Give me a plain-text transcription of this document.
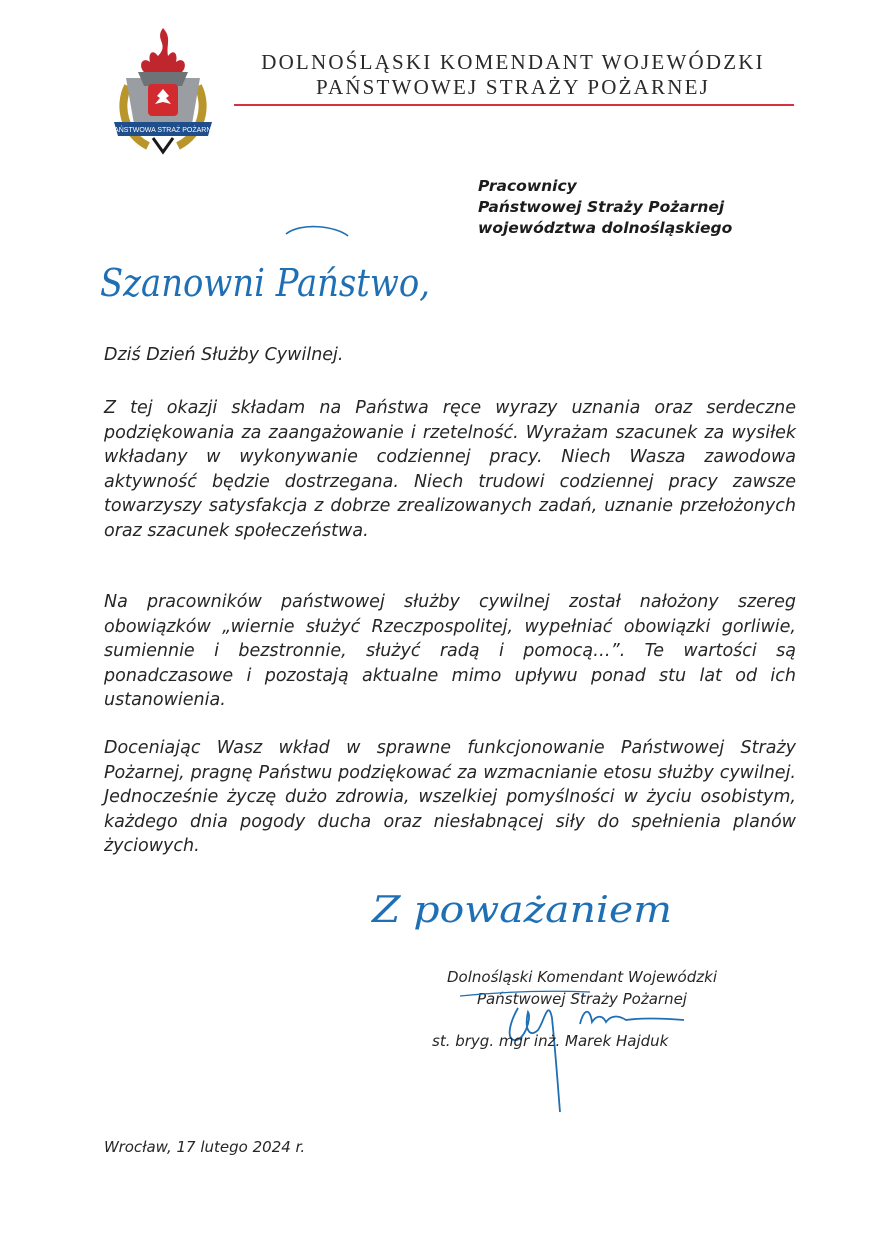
PAŃSTWOWA STRAŻ POŻARNA
DOLNOŚLĄSKI KOMENDANT WOJEWÓDZKI
PAŃSTWOWEJ STRAŻY POŻARNEJ
Pracownicy
Państwowej Straży Pożarnej
województwa dolnośląskiego
Szanowni Państwo,
Dziś Dzień Służby Cywilnej.
Z tej okazji składam na Państwa ręce wyrazy uznania oraz serdeczne podziękowania za zaangażowanie i rzetelność. Wyrażam szacunek za wysiłek wkładany w wykonywanie codziennej pracy. Niech Wasza zawodowa aktywność będzie dostrzegana. Niech trudowi codziennej pracy zawsze towarzyszy satysfakcja z dobrze zrealizowanych zadań, uznanie przełożonych oraz szacunek społeczeństwa.
Na pracowników państwowej służby cywilnej został nałożony szereg obowiązków „wiernie służyć Rzeczpospolitej, wypełniać obowiązki gorliwie, sumiennie i bezstronnie, służyć radą i pomocą…”. Te wartości są ponadczasowe i pozostają aktualne mimo upływu ponad stu lat od ich ustanowienia.
Doceniając Wasz wkład w sprawne funkcjonowanie Państwowej Straży Pożarnej, pragnę Państwu podziękować za wzmacnianie etosu służby cywilnej. Jednocześnie życzę dużo zdrowia, wszelkiej pomyślności w życiu osobistym, każdego dnia pogody ducha oraz niesłabnącej siły do spełnienia planów życiowych.
Z poważaniem
Dolnośląski Komendant Wojewódzki
Państwowej Straży Pożarnej
st. bryg. mgr inż. Marek Hajduk
Wrocław, 17 lutego 2024 r.
